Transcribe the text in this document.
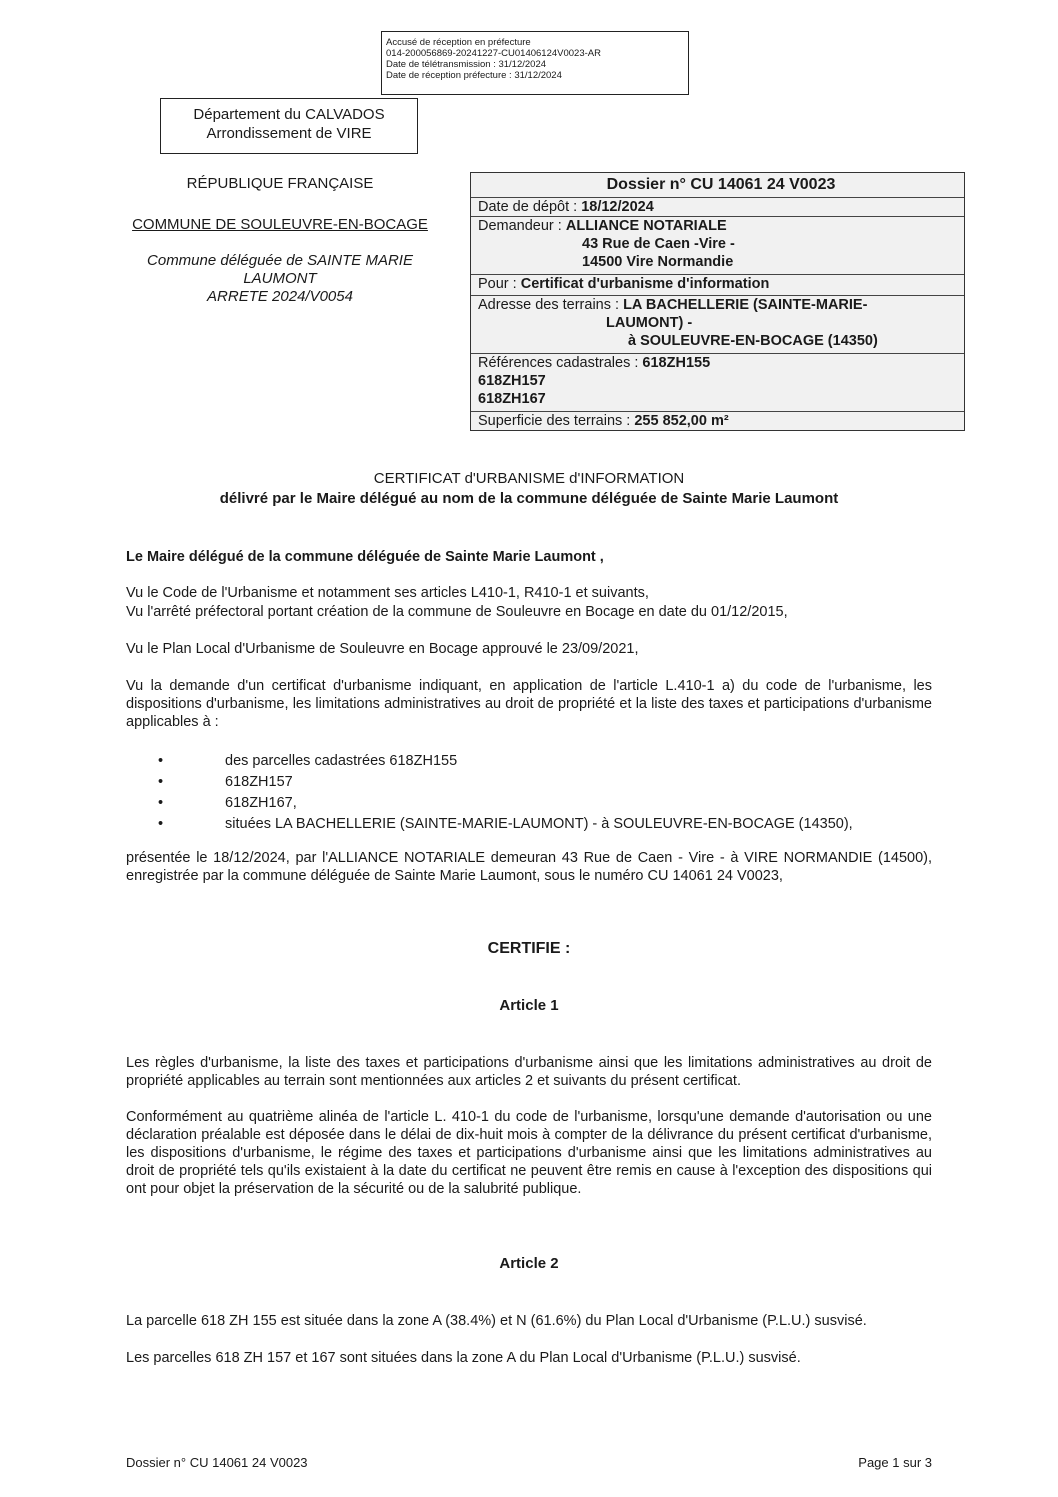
Accusé de réception en préfecture
014-200056869-20241227-CU01406124V0023-AR
Date de télétransmission : 31/12/2024
Date de réception préfecture : 31/12/2024
Département du CALVADOS
Arrondissement de VIRE
RÉPUBLIQUE FRANÇAISE
COMMUNE DE SOULEUVRE-EN-BOCAGE
Commune déléguée de SAINTE MARIE
LAUMONT
ARRETE 2024/V0054
Dossier n° CU 14061 24 V0023
Date de dépôt : 18/12/2024
Demandeur : ALLIANCE NOTARIALE
43 Rue de Caen -Vire -
14500 Vire Normandie
Pour : Certificat d'urbanisme d'information
Adresse des terrains : LA BACHELLERIE (SAINTE-MARIE-
LAUMONT) -
à SOULEUVRE-EN-BOCAGE (14350)
Références cadastrales : 618ZH155
618ZH157
618ZH167
Superficie des terrains : 255 852,00 m²
CERTIFICAT d'URBANISME d'INFORMATION
délivré par le Maire délégué au nom de la commune déléguée de Sainte Marie Laumont
Le Maire délégué de la commune déléguée de Sainte Marie Laumont ,
Vu le Code de l'Urbanisme et notamment ses articles L410-1, R410-1 et suivants,
Vu l'arrêté préfectoral portant création de la commune de Souleuvre en Bocage en date du 01/12/2015,
Vu le Plan Local d'Urbanisme de Souleuvre en Bocage approuvé le 23/09/2021,
Vu la demande d'un certificat d'urbanisme indiquant, en application de l'article L.410-1 a) du code de l'urbanisme, les dispositions d'urbanisme, les limitations administratives au droit de propriété et la liste des taxes et participations d'urbanisme applicables à :
•	des parcelles cadastrées 618ZH155
•	618ZH157
•	618ZH167,
•	situées LA BACHELLERIE (SAINTE-MARIE-LAUMONT) - à SOULEUVRE-EN-BOCAGE (14350),
présentée le 18/12/2024, par l'ALLIANCE NOTARIALE demeuran 43 Rue de Caen - Vire - à VIRE NORMANDIE (14500), enregistrée par la commune déléguée de Sainte Marie Laumont, sous le numéro CU 14061 24 V0023,
CERTIFIE :
Article 1
Les règles d'urbanisme, la liste des taxes et participations d'urbanisme ainsi que les limitations administratives au droit de propriété applicables au terrain sont mentionnées aux articles 2 et suivants du présent certificat.
Conformément au quatrième alinéa de l'article L. 410-1 du code de l'urbanisme, lorsqu'une demande d'autorisation ou une déclaration préalable est déposée dans le délai de dix-huit mois à compter de la délivrance du présent certificat d'urbanisme, les dispositions d'urbanisme, le régime des taxes et participations d'urbanisme ainsi que les limitations administratives au droit de propriété tels qu'ils existaient à la date du certificat ne peuvent être remis en cause à l'exception des dispositions qui ont pour objet la préservation de la sécurité ou de la salubrité publique.
Article 2
La parcelle 618 ZH 155 est située dans la zone A (38.4%) et N (61.6%) du Plan Local d'Urbanisme (P.L.U.) susvisé.
Les parcelles 618 ZH 157 et 167 sont situées dans la zone A du Plan Local d'Urbanisme (P.L.U.) susvisé.
Dossier n° CU 14061 24 V0023	Page 1 sur 3
